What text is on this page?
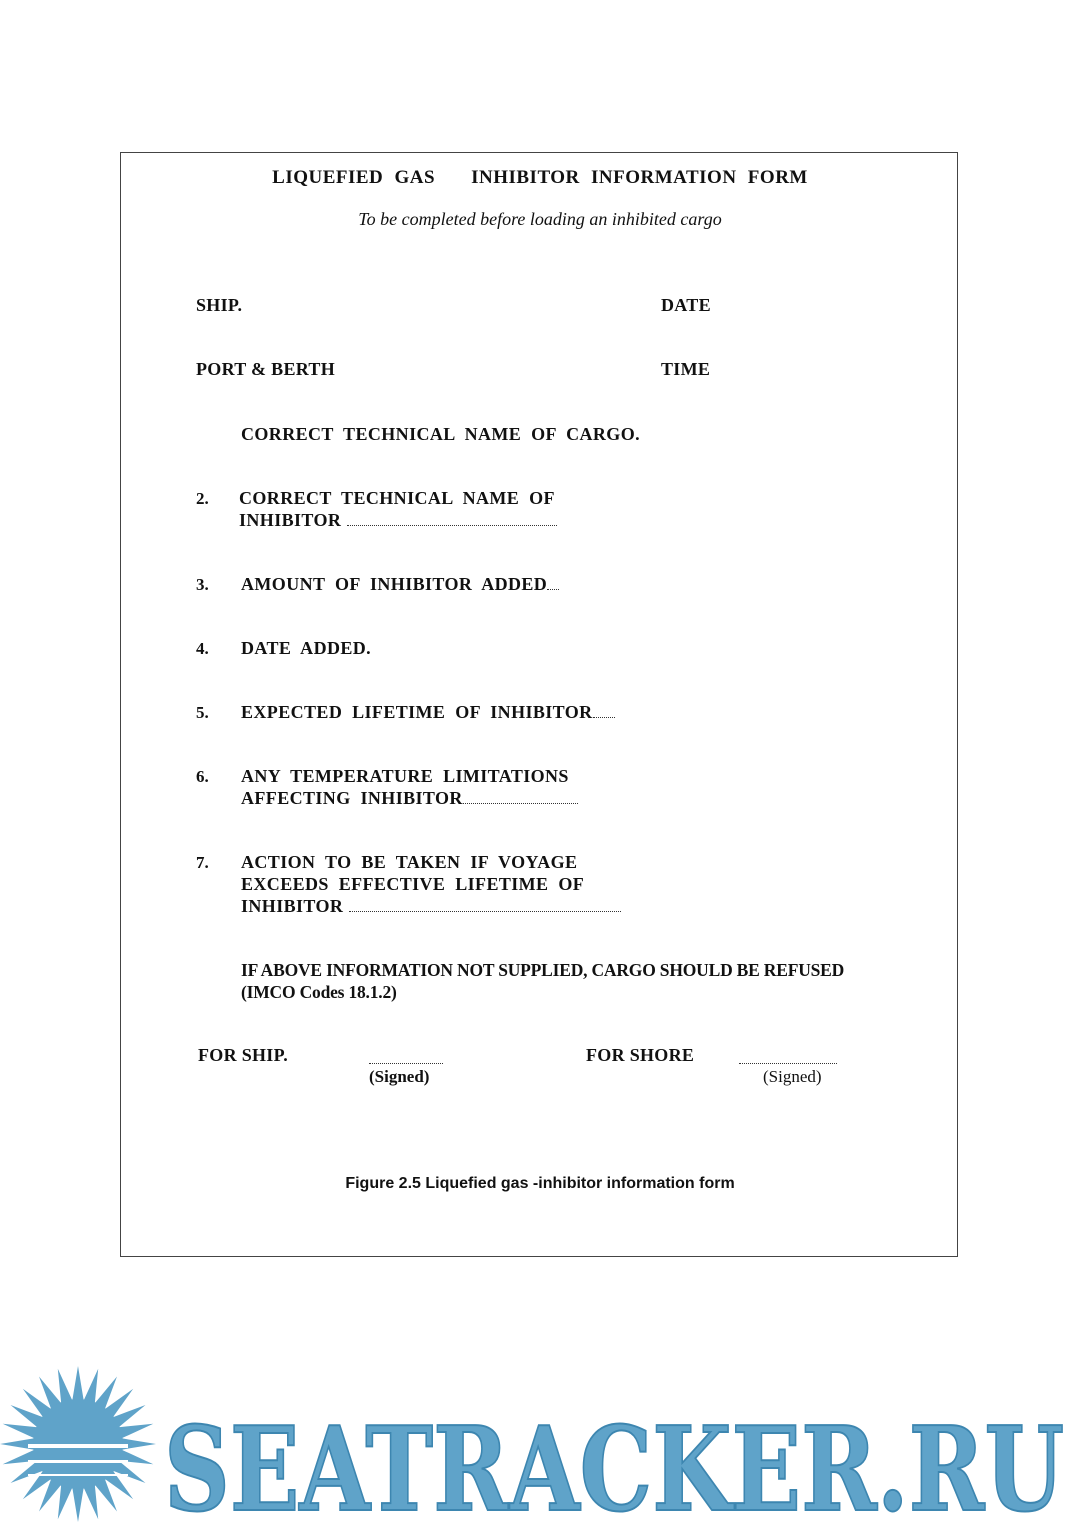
LIQUEFIED GAS INHIBITOR INFORMATION FORM
To be completed before loading an inhibited cargo
SHIP.	DATE
PORT & BERTH	TIME
CORRECT TECHNICAL NAME OF CARGO.
2. CORRECT TECHNICAL NAME OF
INHIBITOR
3. AMOUNT OF INHIBITOR ADDED
4. DATE ADDED.
5. EXPECTED LIFETIME OF INHIBITOR
6. ANY TEMPERATURE LIMITATIONS
AFFECTING INHIBITOR
7. ACTION TO BE TAKEN IF VOYAGE
EXCEEDS EFFECTIVE LIFETIME OF
INHIBITOR
IF ABOVE INFORMATION NOT SUPPLIED, CARGO SHOULD BE REFUSED
(IMCO Codes 18.1.2)
FOR SHIP.
(Signed)
FOR SHORE
(Signed)
Figure 2.5 Liquefied gas -inhibitor information form
SEATRACKER.RU
